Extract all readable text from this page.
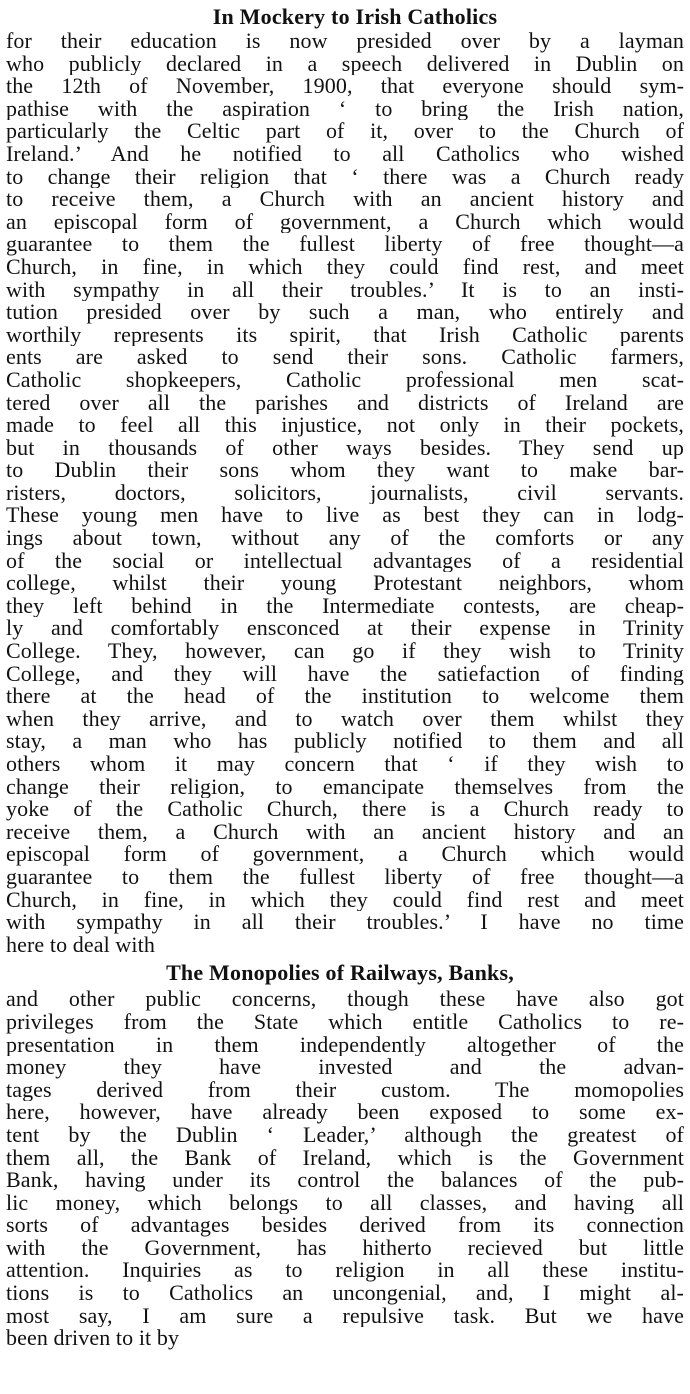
In Mockery to Irish Catholics
for their education is now presided over by a layman
who publicly declared in a speech delivered in Dublin on
the 12th of November, 1900, that everyone should sym-
pathise with the aspiration ‘ to bring the Irish nation,
particularly the Celtic part of it, over to the Church of
Ireland.’ And he notified to all Catholics who wished
to change their religion that ‘ there was a Church ready
to receive them, a Church with an ancient history and
an episcopal form of government, a Church which would
guarantee to them the fullest liberty of free thought—a
Church, in fine, in which they could find rest, and meet
with sympathy in all their troubles.’ It is to an insti-
tution presided over by such a man, who entirely and
worthily represents its spirit, that Irish Catholic parents
ents are asked to send their sons. Catholic farmers,
Catholic shopkeepers, Catholic professional men scat-
tered over all the parishes and districts of Ireland are
made to feel all this injustice, not only in their pockets,
but in thousands of other ways besides. They send up
to Dublin their sons whom they want to make bar-
risters, doctors, solicitors, journalists, civil servants.
These young men have to live as best they can in lodg-
ings about town, without any of the comforts or any
of the social or intellectual advantages of a residential
college, whilst their young Protestant neighbors, whom
they left behind in the Intermediate contests, are cheap-
ly and comfortably ensconced at their expense in Trinity
College. They, however, can go if they wish to Trinity
College, and they will have the satiefaction of finding
there at the head of the institution to welcome them
when they arrive, and to watch over them whilst they
stay, a man who has publicly notified to them and all
others whom it may concern that ‘ if they wish to
change their religion, to emancipate themselves from the
yoke of the Catholic Church, there is a Church ready to
receive them, a Church with an ancient history and an
episcopal form of government, a Church which would
guarantee to them the fullest liberty of free thought—a
Church, in fine, in which they could find rest and meet
with sympathy in all their troubles.’ I have no time
here to deal with
The Monopolies of Railways, Banks,
and other public concerns, though these have also got
privileges from the State which entitle Catholics to re-
presentation in them independently altogether of the
money they have invested and the advan-
tages derived from their custom. The momopolies
here, however, have already been exposed to some ex-
tent by the Dublin ‘ Leader,’ although the greatest of
them all, the Bank of Ireland, which is the Government
Bank, having under its control the balances of the pub-
lic money, which belongs to all classes, and having all
sorts of advantages besides derived from its connection
with the Government, has hitherto recieved but little
attention. Inquiries as to religion in all these institu-
tions is to Catholics an uncongenial, and, I might al-
most say, I am sure a repulsive task. But we have
been driven to it by
